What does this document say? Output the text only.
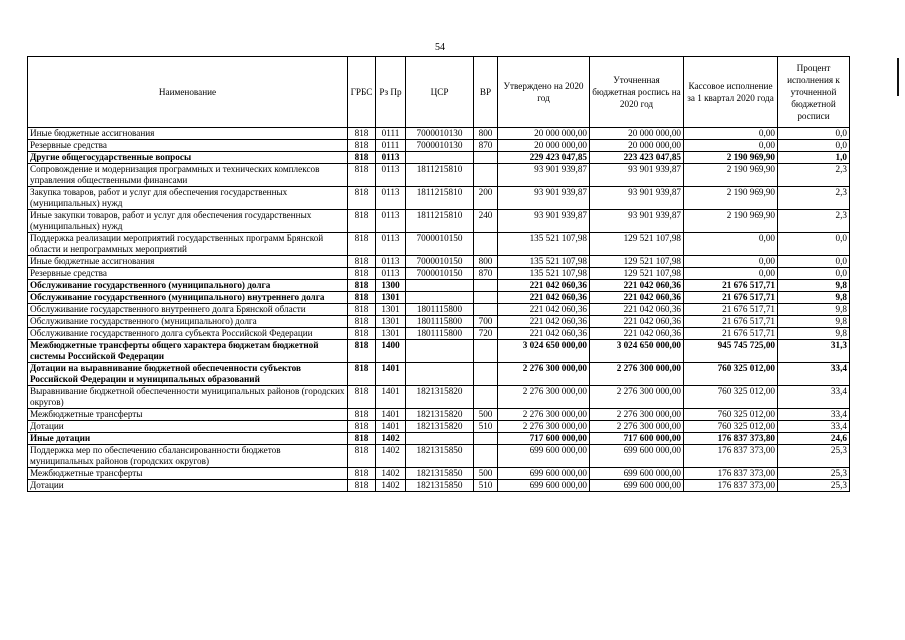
54
Наименование	ГРБС	Рз Пр	ЦСР	ВР	Утверждено на 2020 год	Уточненная бюджетная роспись на 2020 год	Кассовое исполнение за 1 квартал 2020 года	Процент исполнения к уточненной бюджетной росписи
Иные бюджетные ассигнования	818	0111	7000010130	800	20 000 000,00	20 000 000,00	0,00	0,0
Резервные средства	818	0111	7000010130	870	20 000 000,00	20 000 000,00	0,00	0,0
Другие общегосударственные вопросы	818	0113			229 423 047,85	223 423 047,85	2 190 969,90	1,0
Сопровождение и модернизация программных и технических комплексов управления общественными финансами	818	0113	1811215810		93 901 939,87	93 901 939,87	2 190 969,90	2,3
Закупка товаров, работ и услуг для обеспечения государственных (муниципальных) нужд	818	0113	1811215810	200	93 901 939,87	93 901 939,87	2 190 969,90	2,3
Иные закупки товаров, работ и услуг для обеспечения государственных (муниципальных) нужд	818	0113	1811215810	240	93 901 939,87	93 901 939,87	2 190 969,90	2,3
Поддержка реализации мероприятий государственных программ Брянской области и непрограммных мероприятий	818	0113	7000010150		135 521 107,98	129 521 107,98	0,00	0,0
Иные бюджетные ассигнования	818	0113	7000010150	800	135 521 107,98	129 521 107,98	0,00	0,0
Резервные средства	818	0113	7000010150	870	135 521 107,98	129 521 107,98	0,00	0,0
Обслуживание государственного (муниципального) долга	818	1300			221 042 060,36	221 042 060,36	21 676 517,71	9,8
Обслуживание государственного (муниципального) внутреннего долга	818	1301			221 042 060,36	221 042 060,36	21 676 517,71	9,8
Обслуживание государственного внутреннего долга Брянской области	818	1301	1801115800		221 042 060,36	221 042 060,36	21 676 517,71	9,8
Обслуживание государственного (муниципального) долга	818	1301	1801115800	700	221 042 060,36	221 042 060,36	21 676 517,71	9,8
Обслуживание государственного долга субъекта Российской Федерации	818	1301	1801115800	720	221 042 060,36	221 042 060,36	21 676 517,71	9,8
Межбюджетные трансферты общего характера бюджетам бюджетной системы Российской Федерации	818	1400			3 024 650 000,00	3 024 650 000,00	945 745 725,00	31,3
Дотации на выравнивание бюджетной обеспеченности субъектов Российской Федерации и муниципальных образований	818	1401			2 276 300 000,00	2 276 300 000,00	760 325 012,00	33,4
Выравнивание бюджетной обеспеченности муниципальных районов (городских округов)	818	1401	1821315820		2 276 300 000,00	2 276 300 000,00	760 325 012,00	33,4
Межбюджетные трансферты	818	1401	1821315820	500	2 276 300 000,00	2 276 300 000,00	760 325 012,00	33,4
Дотации	818	1401	1821315820	510	2 276 300 000,00	2 276 300 000,00	760 325 012,00	33,4
Иные дотации	818	1402			717 600 000,00	717 600 000,00	176 837 373,80	24,6
Поддержка мер по обеспечению сбалансированности бюджетов муниципальных районов (городских округов)	818	1402	1821315850		699 600 000,00	699 600 000,00	176 837 373,00	25,3
Межбюджетные трансферты	818	1402	1821315850	500	699 600 000,00	699 600 000,00	176 837 373,00	25,3
Дотации	818	1402	1821315850	510	699 600 000,00	699 600 000,00	176 837 373,00	25,3
